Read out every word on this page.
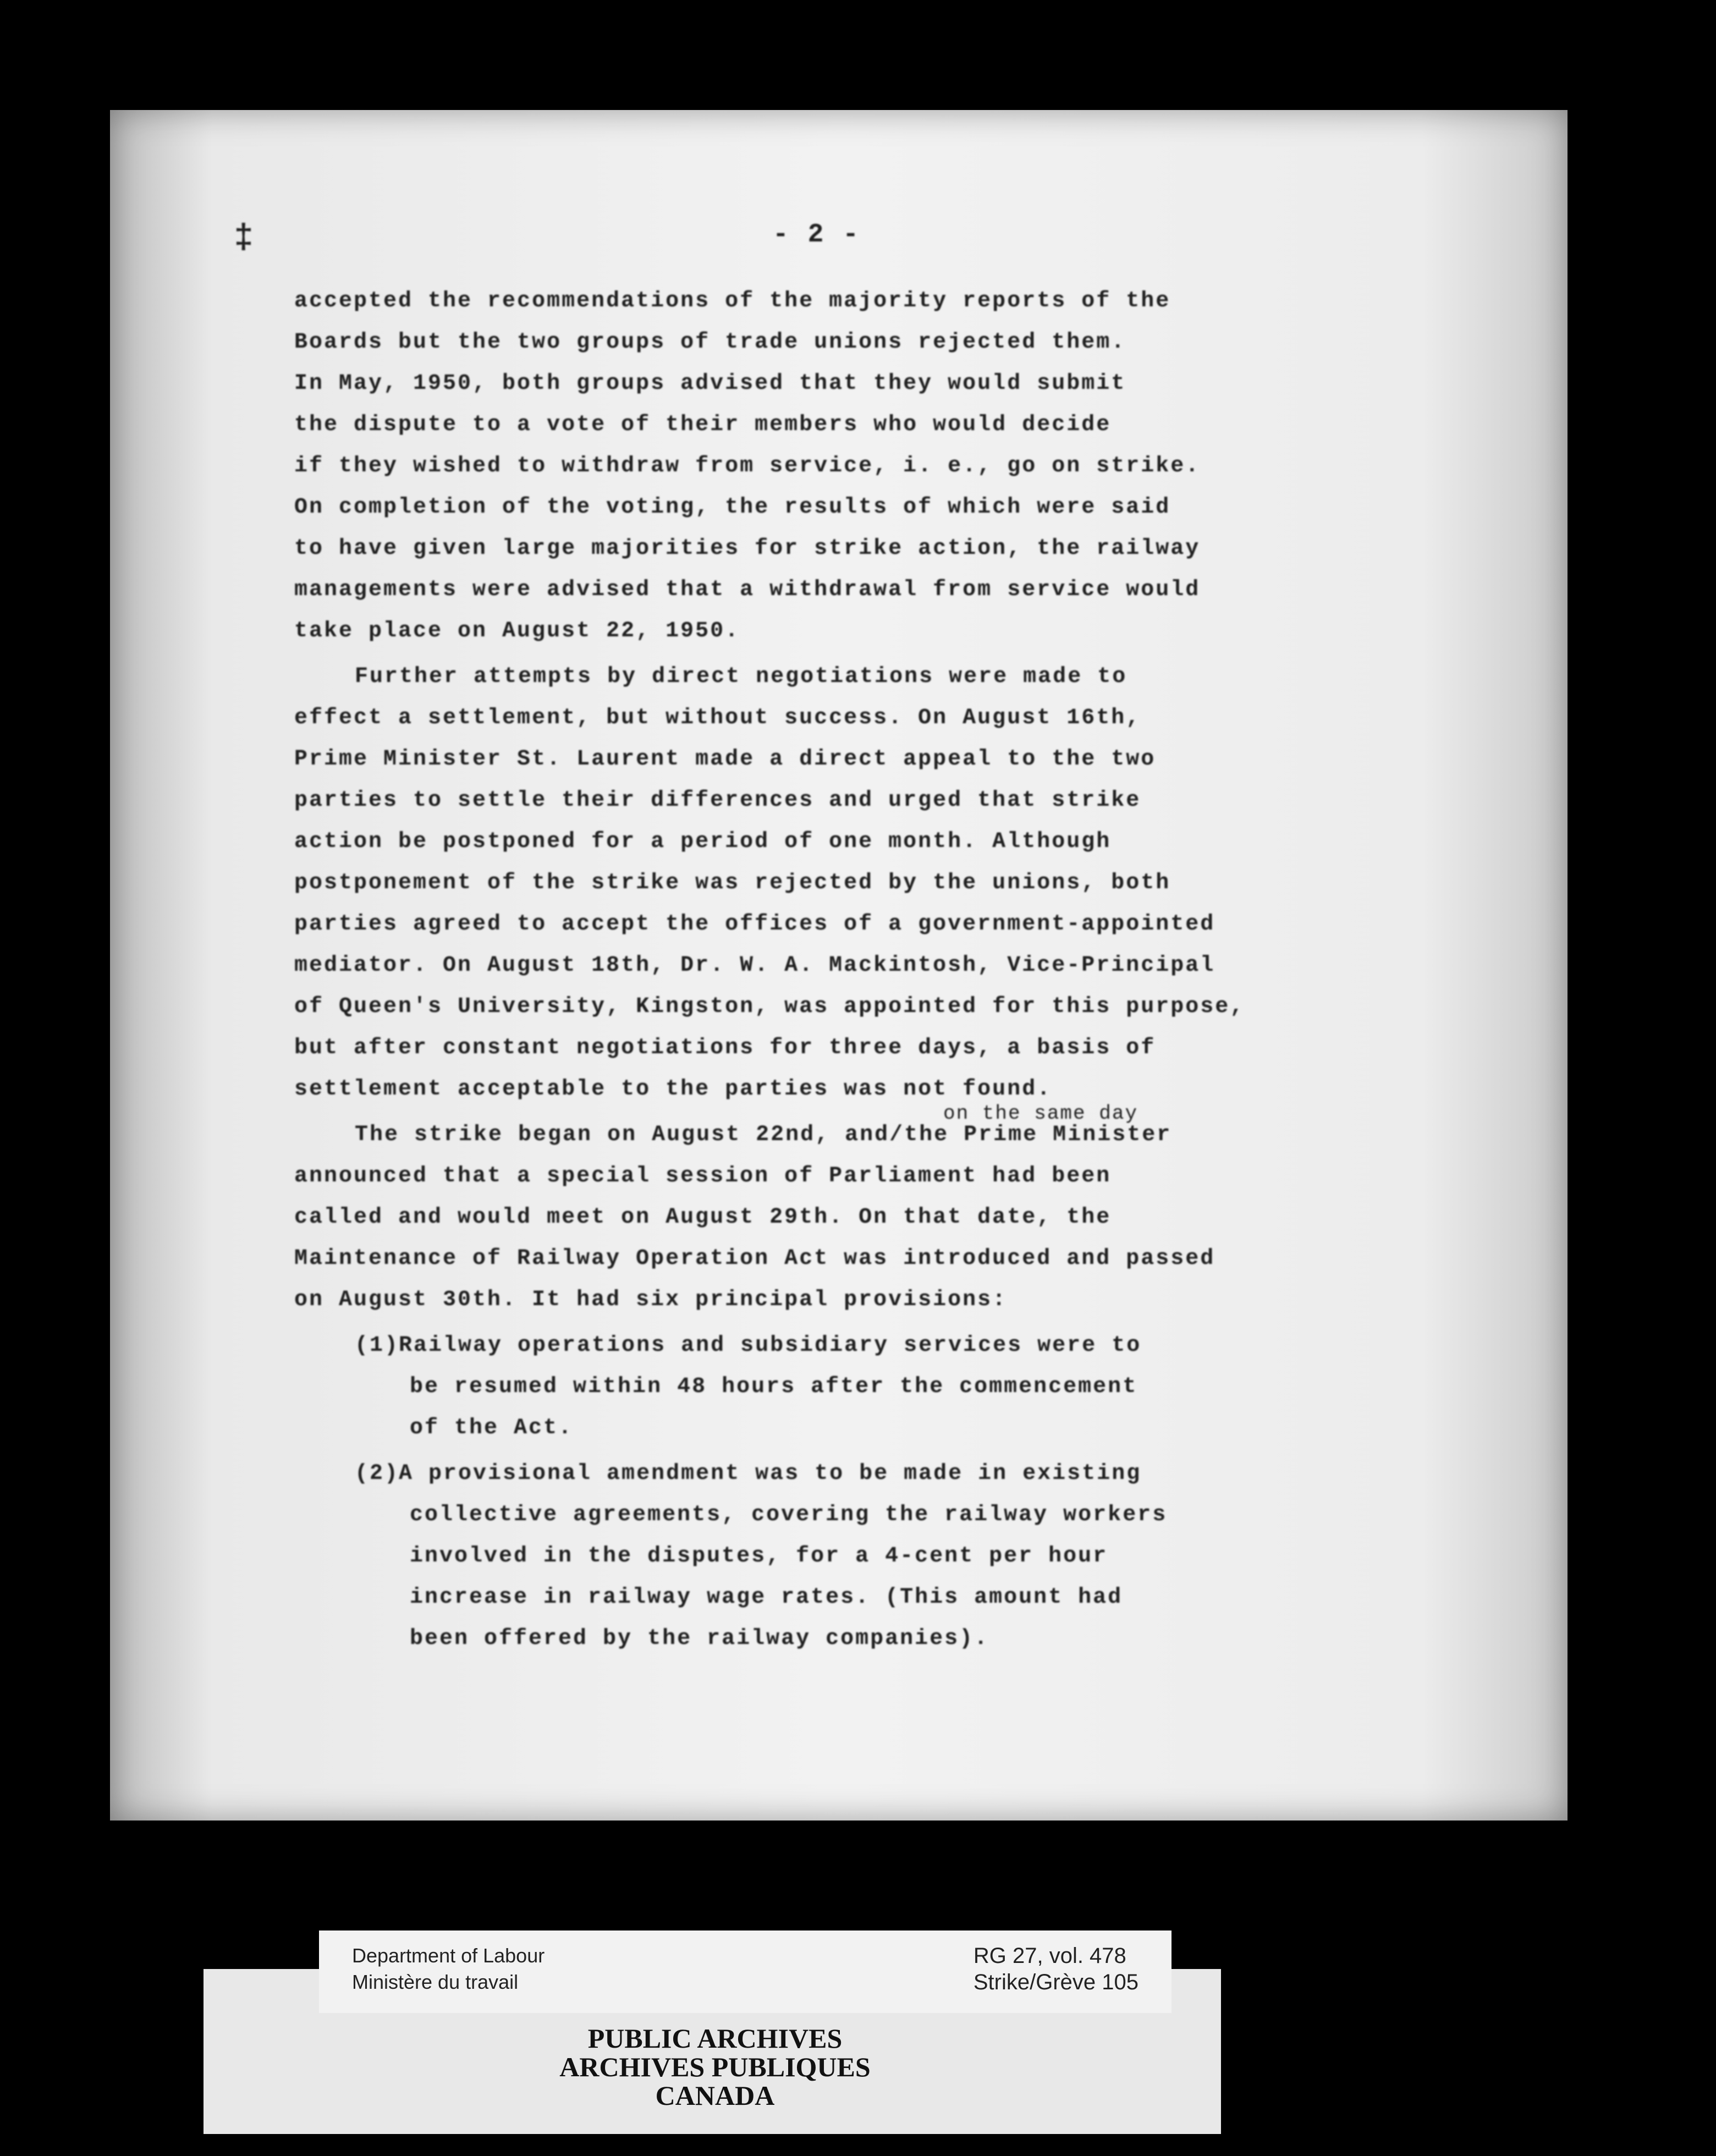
‡	- 2 -
accepted the recommendations of the majority reports of the
Boards but the two groups of trade unions rejected them.
In May, 1950, both groups advised that they would submit
the dispute to a vote of their members who would decide
if they wished to withdraw from service, i. e., go on strike.
On completion of the voting, the results of which were said
to have given large majorities for strike action, the railway
managements were advised that a withdrawal from service would
take place on August 22, 1950.
Further attempts by direct negotiations were made to
effect a settlement, but without success. On August 16th,
Prime Minister St. Laurent made a direct appeal to the two
parties to settle their differences and urged that strike
action be postponed for a period of one month. Although
postponement of the strike was rejected by the unions, both
parties agreed to accept the offices of a government-appointed
mediator. On August 18th, Dr. W. A. Mackintosh, Vice-Principal
of Queen's University, Kingston, was appointed for this purpose,
but after constant negotiations for three days, a basis of
settlement acceptable to the parties was not found.
on the same day
The strike began on August 22nd, and/the Prime Minister
announced that a special session of Parliament had been
called and would meet on August 29th. On that date, the
Maintenance of Railway Operation Act was introduced and passed
on August 30th. It had six principal provisions:
(1)Railway operations and subsidiary services were to
be resumed within 48 hours after the commencement
of the Act.
(2)A provisional amendment was to be made in existing
collective agreements, covering the railway workers
involved in the disputes, for a 4-cent per hour
increase in railway wage rates. (This amount had
been offered by the railway companies).
Department of Labour
Ministère du travail
RG 27, vol. 478
Strike/Grève 105
PUBLIC ARCHIVES
ARCHIVES PUBLIQUES
CANADA
